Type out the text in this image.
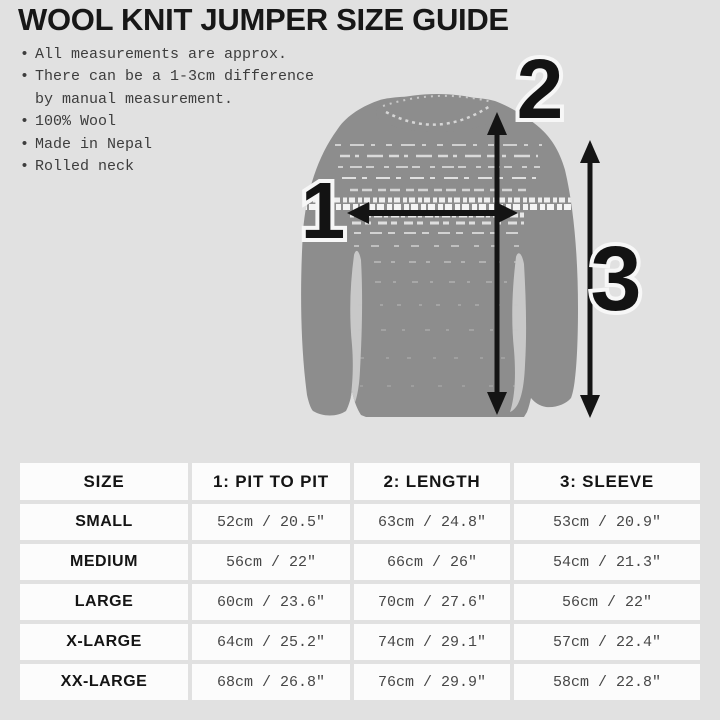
WOOL KNIT JUMPER SIZE GUIDE
• All measurements are approx.
• There can be a 1-3cm difference by manual measurement.
• 100% Wool
• Made in Nepal
• Rolled neck	1
2
3
SIZE	1: PIT TO PIT	2: LENGTH	3: SLEEVE
SMALL	52cm / 20.5"	63cm / 24.8"	53cm / 20.9"
MEDIUM	56cm / 22"	66cm / 26"	54cm / 21.3"
LARGE	60cm / 23.6"	70cm / 27.6"	56cm / 22"
X-LARGE	64cm / 25.2"	74cm / 29.1"	57cm / 22.4"
XX-LARGE	68cm / 26.8"	76cm / 29.9"	58cm / 22.8"
